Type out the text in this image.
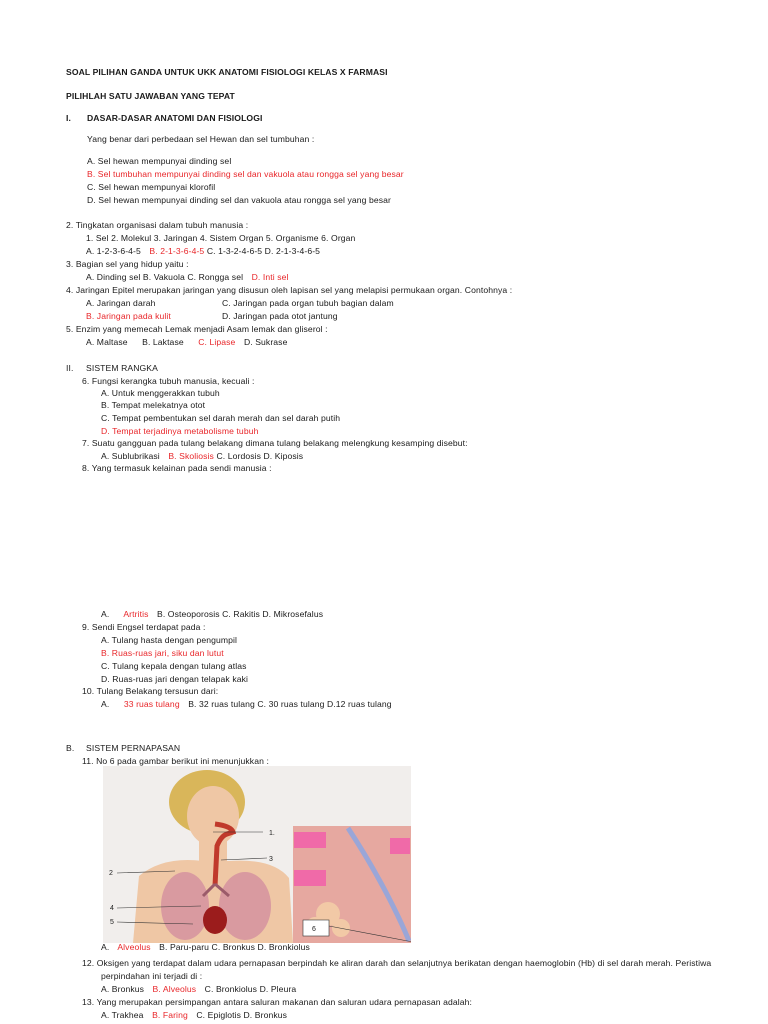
SOAL PILIHAN GANDA UNTUK UKK ANATOMI FISIOLOGI KELAS X FARMASI
PILIHLAH SATU JAWABAN YANG TEPAT
I. DASAR-DASAR ANATOMI DAN FISIOLOGI
Yang benar dari perbedaan sel Hewan dan sel tumbuhan :
A. Sel hewan mempunyai dinding sel
B. Sel tumbuhan mempunyai dinding sel dan vakuola atau rongga sel yang besar
C. Sel hewan mempunyai klorofil
D. Sel hewan mempunyai dinding sel dan vakuola atau rongga sel yang besar
2. Tingkatan organisasi dalam tubuh manusia :
1. Sel 2. Molekul 3. Jaringan 4. Sistem Organ 5. Organisme 6. Organ
A. 1-2-3-6-4-5 B. 2-1-3-6-4-5 C. 1-3-2-4-6-5 D. 2-1-3-4-6-5
3. Bagian sel yang hidup yaitu :
A. Dinding sel B. Vakuola C. Rongga sel D. Inti sel
4. Jaringan Epitel merupakan jaringan yang disusun oleh lapisan sel yang melapisi permukaan organ. Contohnya :
A. Jaringan darah	C. Jaringan pada organ tubuh bagian dalam
B. Jaringan pada kulit	D. Jaringan pada otot jantung
5. Enzim yang memecah Lemak menjadi Asam lemak dan gliserol :
A. Maltase B. Laktase C. Lipase D. Sukrase
II. SISTEM RANGKA
6. Fungsi kerangka tubuh manusia, kecuali :
A. Untuk menggerakkan tubuh
B. Tempat melekatnya otot
C. Tempat pembentukan sel darah merah dan sel darah putih
D. Tempat terjadinya metabolisme tubuh
7. Suatu gangguan pada tulang belakang dimana tulang belakang melengkung kesamping disebut:
A. Sublubrikasi B. Skoliosis C. Lordosis D. Kiposis
8. Yang termasuk kelainan pada sendi manusia :
A. Artritis B. Osteoporosis C. Rakitis D. Mikrosefalus
9. Sendi Engsel terdapat pada :
A. Tulang hasta dengan pengumpil
B. Ruas-ruas jari, siku dan lutut
C. Tulang kepala dengan tulang atlas
D. Ruas-ruas jari dengan telapak kaki
10. Tulang Belakang tersusun dari:
A. 33 ruas tulang B. 32 ruas tulang C. 30 ruas tulang D.12 ruas tulang
B. SISTEM PERNAPASAN
11. No 6 pada gambar berikut ini menunjukkan :
1.
2
3
4
5
6
A. Alveolus B. Paru-paru C. Bronkus D. Bronkiolus
12. Oksigen yang terdapat dalam udara pernapasan berpindah ke aliran darah dan selanjutnya berikatan dengan haemoglobin (Hb) di sel darah merah. Peristiwa
perpindahan ini terjadi di :
A. Bronkus B. Alveolus C. Bronkiolus D. Pleura
13. Yang merupakan persimpangan antara saluran makanan dan saluran udara pernapasan adalah:
A. Trakhea B. Faring C. Epiglotis D. Bronkus
